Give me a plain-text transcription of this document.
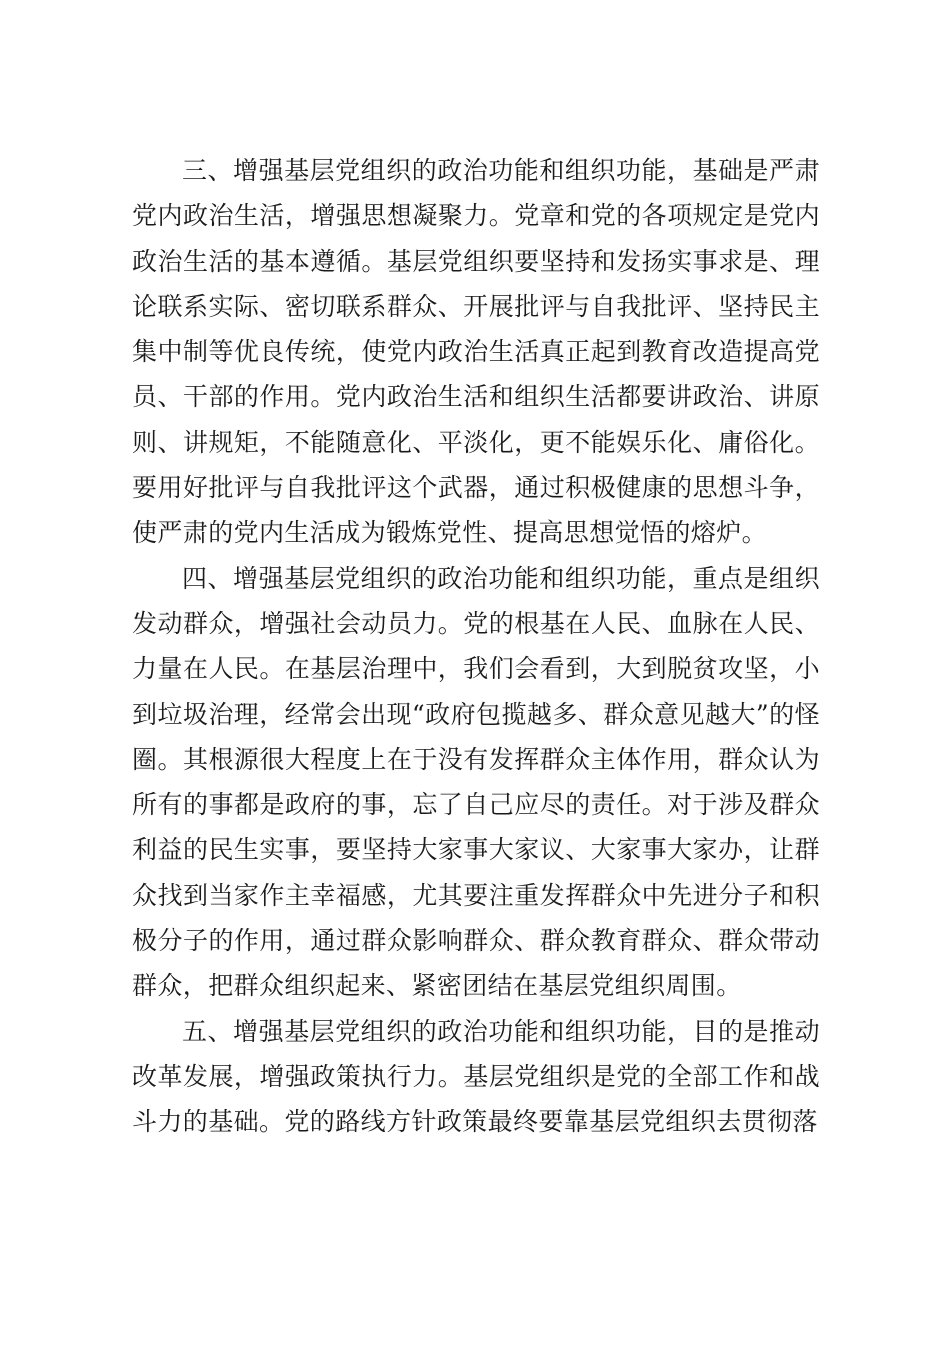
三、增强基层党组织的政治功能和组织功能，基础是严肃党内政治生活，增强思想凝聚力。党章和党的各项规定是党内政治生活的基本遵循。基层党组织要坚持和发扬实事求是、理论联系实际、密切联系群众、开展批评与自我批评、坚持民主集中制等优良传统，使党内政治生活真正起到教育改造提高党员、干部的作用。党内政治生活和组织生活都要讲政治、讲原则、讲规矩，不能随意化、平淡化，更不能娱乐化、庸俗化。要用好批评与自我批评这个武器，通过积极健康的思想斗争，使严肃的党内生活成为锻炼党性、提高思想觉悟的熔炉。

四、增强基层党组织的政治功能和组织功能，重点是组织发动群众，增强社会动员力。党的根基在人民、血脉在人民、力量在人民。在基层治理中，我们会看到，大到脱贫攻坚，小到垃圾治理，经常会出现“政府包揽越多、群众意见越大”的怪圈。其根源很大程度上在于没有发挥群众主体作用，群众认为所有的事都是政府的事，忘了自己应尽的责任。对于涉及群众利益的民生实事，要坚持大家事大家议、大家事大家办，让群众找到当家作主幸福感，尤其要注重发挥群众中先进分子和积极分子的作用，通过群众影响群众、群众教育群众、群众带动群众，把群众组织起来、紧密团结在基层党组织周围。

五、增强基层党组织的政治功能和组织功能，目的是推动改革发展，增强政策执行力。基层党组织是党的全部工作和战斗力的基础。党的路线方针政策最终要靠基层党组织去贯彻落
